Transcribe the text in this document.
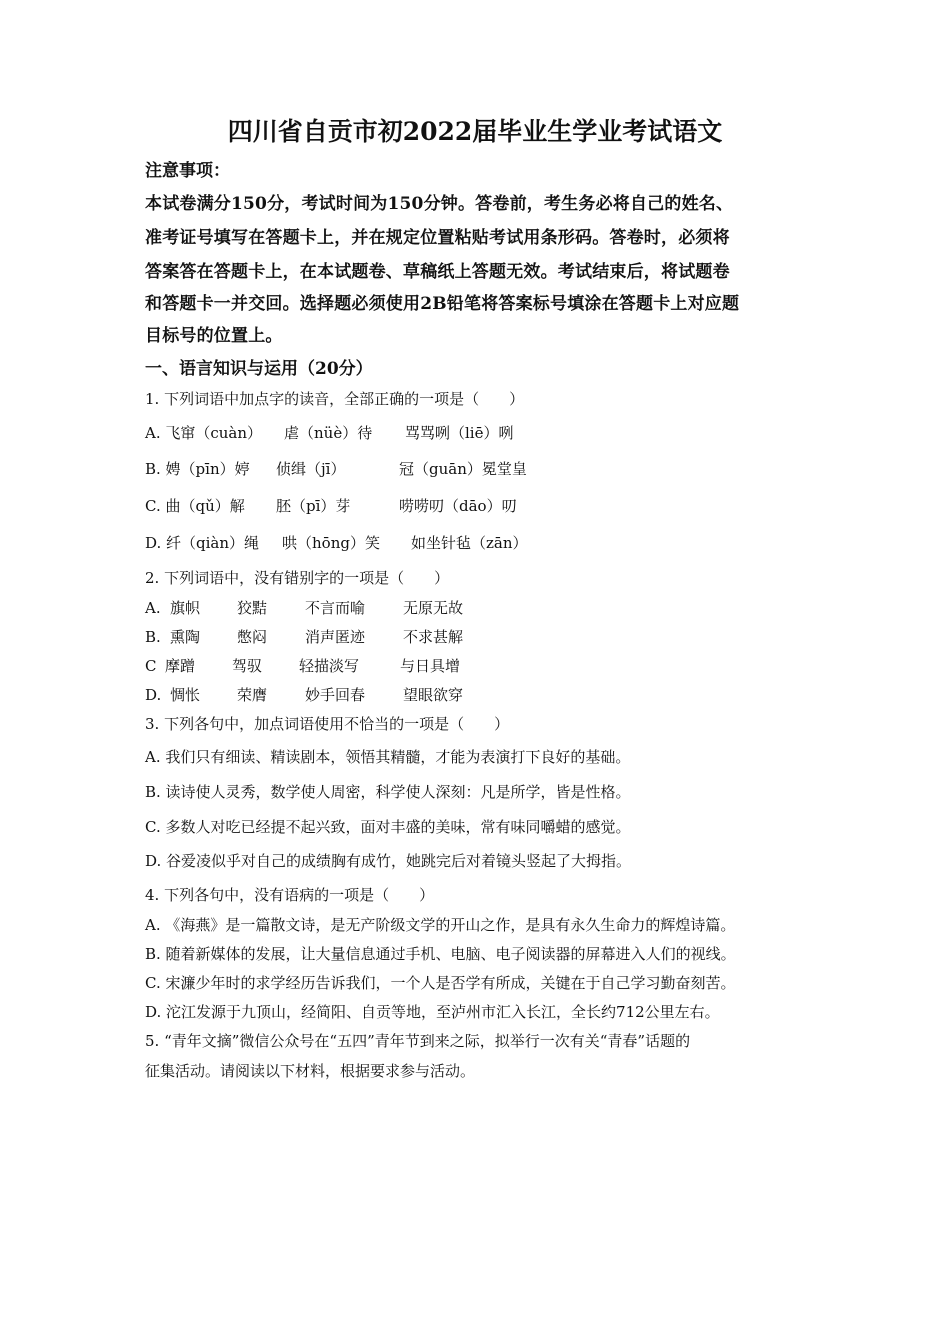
四川省自贡市初2022届毕业生学业考试语文
注意事项：
本试卷满分150分，考试时间为150分钟。答卷前，考生务必将自己的姓名、
准考证号填写在答题卡上，并在规定位置粘贴考试用条形码。答卷时，必须将
答案答在答题卡上，在本试题卷、草稿纸上答题无效。考试结束后，将试题卷
和答题卡一并交回。选择题必须使用2B铅笔将答案标号填涂在答题卡上对应题
目标号的位置上。
一、语言知识与运用（20分）
1. 下列词语中加点字的读音，全部正确的一项是（　　）
A. 飞窜（cuàn） 虐（nüè）待 骂骂咧（liē）咧
B. 娉（pīn）婷 侦缉（jī）	冠（guān）冕堂皇
C. 曲（qǔ）解 胚（pī）芽	唠唠叨（dāo）叨
D. 纤（qiàn）绳 哄（hōng）笑 如坐针毡（zān）
2. 下列词语中，没有错别字的一项是（　　）
A. 旗帜 狡黠	不言而喻	无原无故
B. 熏陶 憋闷	消声匿迹	不求甚解
C 摩蹭 驾驭 轻描淡写	与日具增
D. 惆怅 荣膺	妙手回春	望眼欲穿
3. 下列各句中，加点词语使用不恰当的一项是（　　）
A. 我们只有细读、精读剧本，领悟其精髓，才能为表演打下良好的基础。
B. 读诗使人灵秀，数学使人周密，科学使人深刻：凡是所学，皆是性格。
C. 多数人对吃已经提不起兴致，面对丰盛的美味，常有味同嚼蜡的感觉。
D. 谷爱凌似乎对自己的成绩胸有成竹，她跳完后对着镜头竖起了大拇指。
4. 下列各句中，没有语病的一项是（　　）
A. 《海燕》是一篇散文诗，是无产阶级文学的开山之作，是具有永久生命力的辉煌诗篇。
B. 随着新媒体的发展，让大量信息通过手机、电脑、电子阅读器的屏幕进入人们的视线。
C. 宋濂少年时的求学经历告诉我们，一个人是否学有所成，关键在于自己学习勤奋刻苦。
D. 沱江发源于九顶山，经简阳、自贡等地，至泸州市汇入长江，全长约712公里左右。
5. “青年文摘”微信公众号在“五四”青年节到来之际，拟举行一次有关“青春”话题的
征集活动。请阅读以下材料，根据要求参与活动。
